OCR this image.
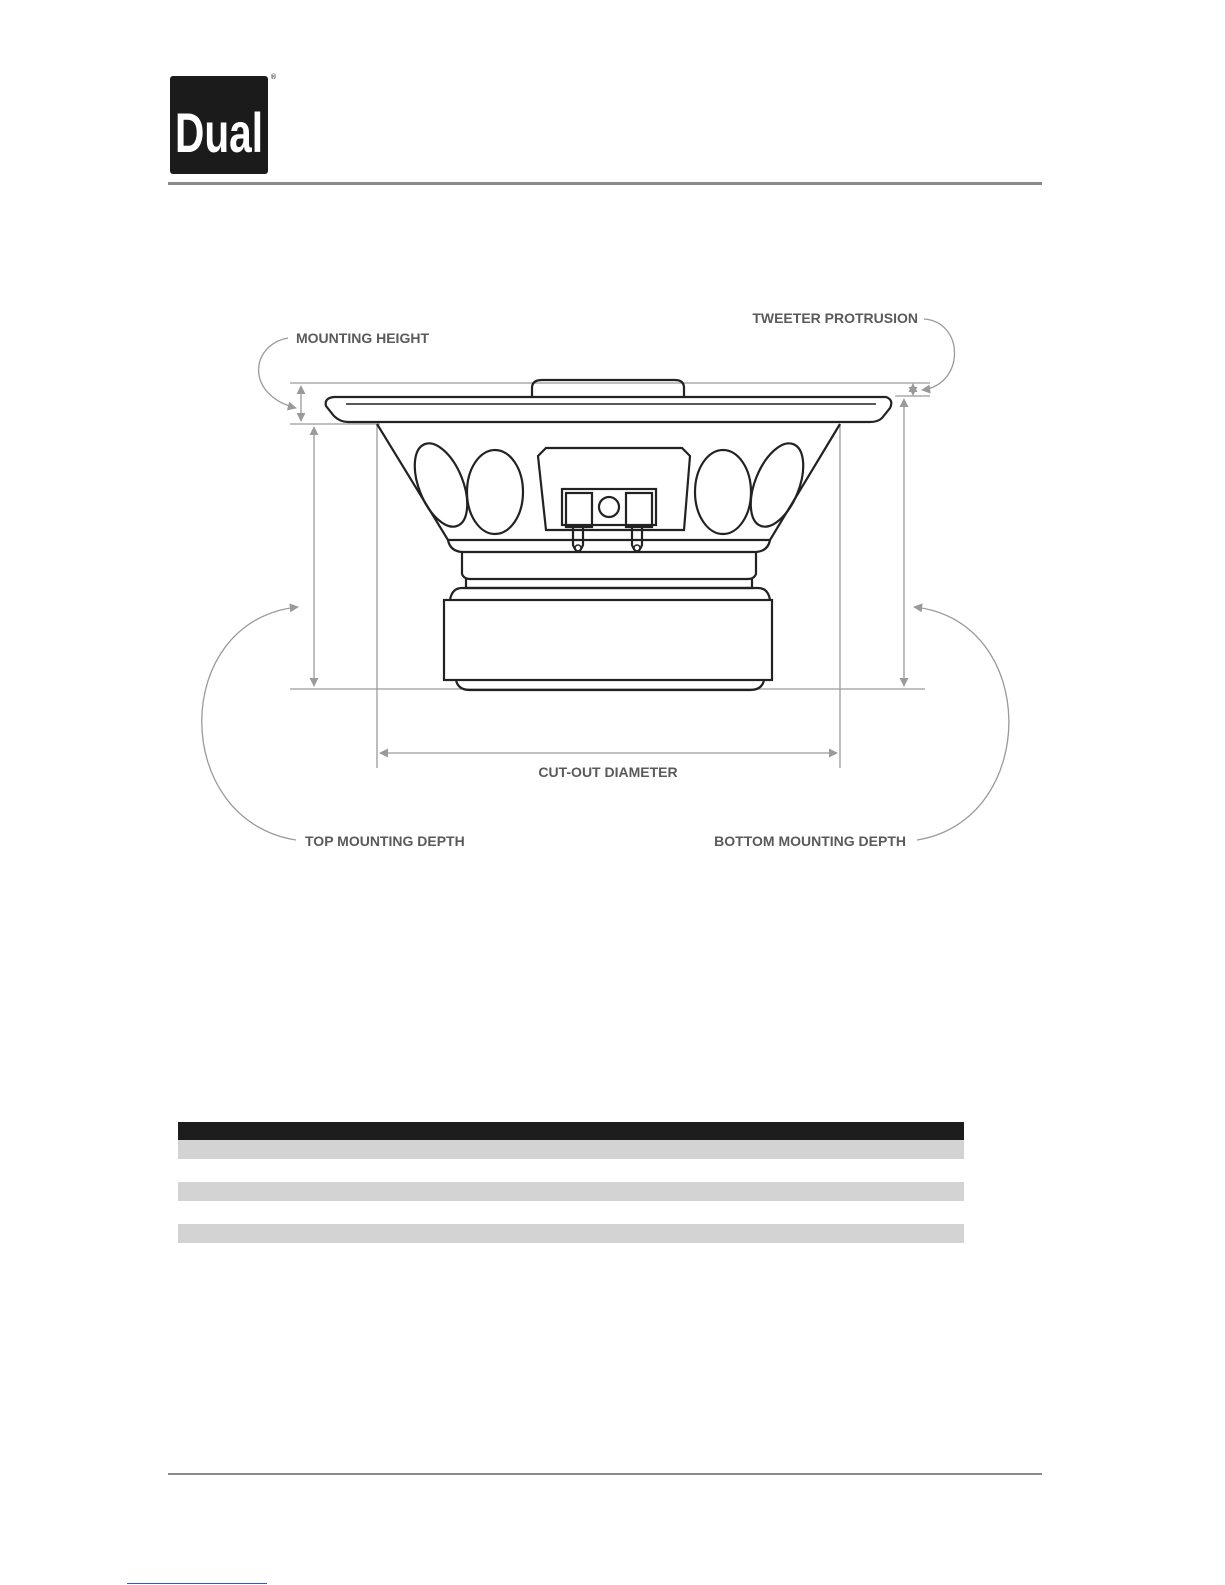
Dual
®
MOUNTING HEIGHT
TWEETER PROTRUSION
CUT-OUT DIAMETER
TOP MOUNTING DEPTH	BOTTOM MOUNTING DEPTH
